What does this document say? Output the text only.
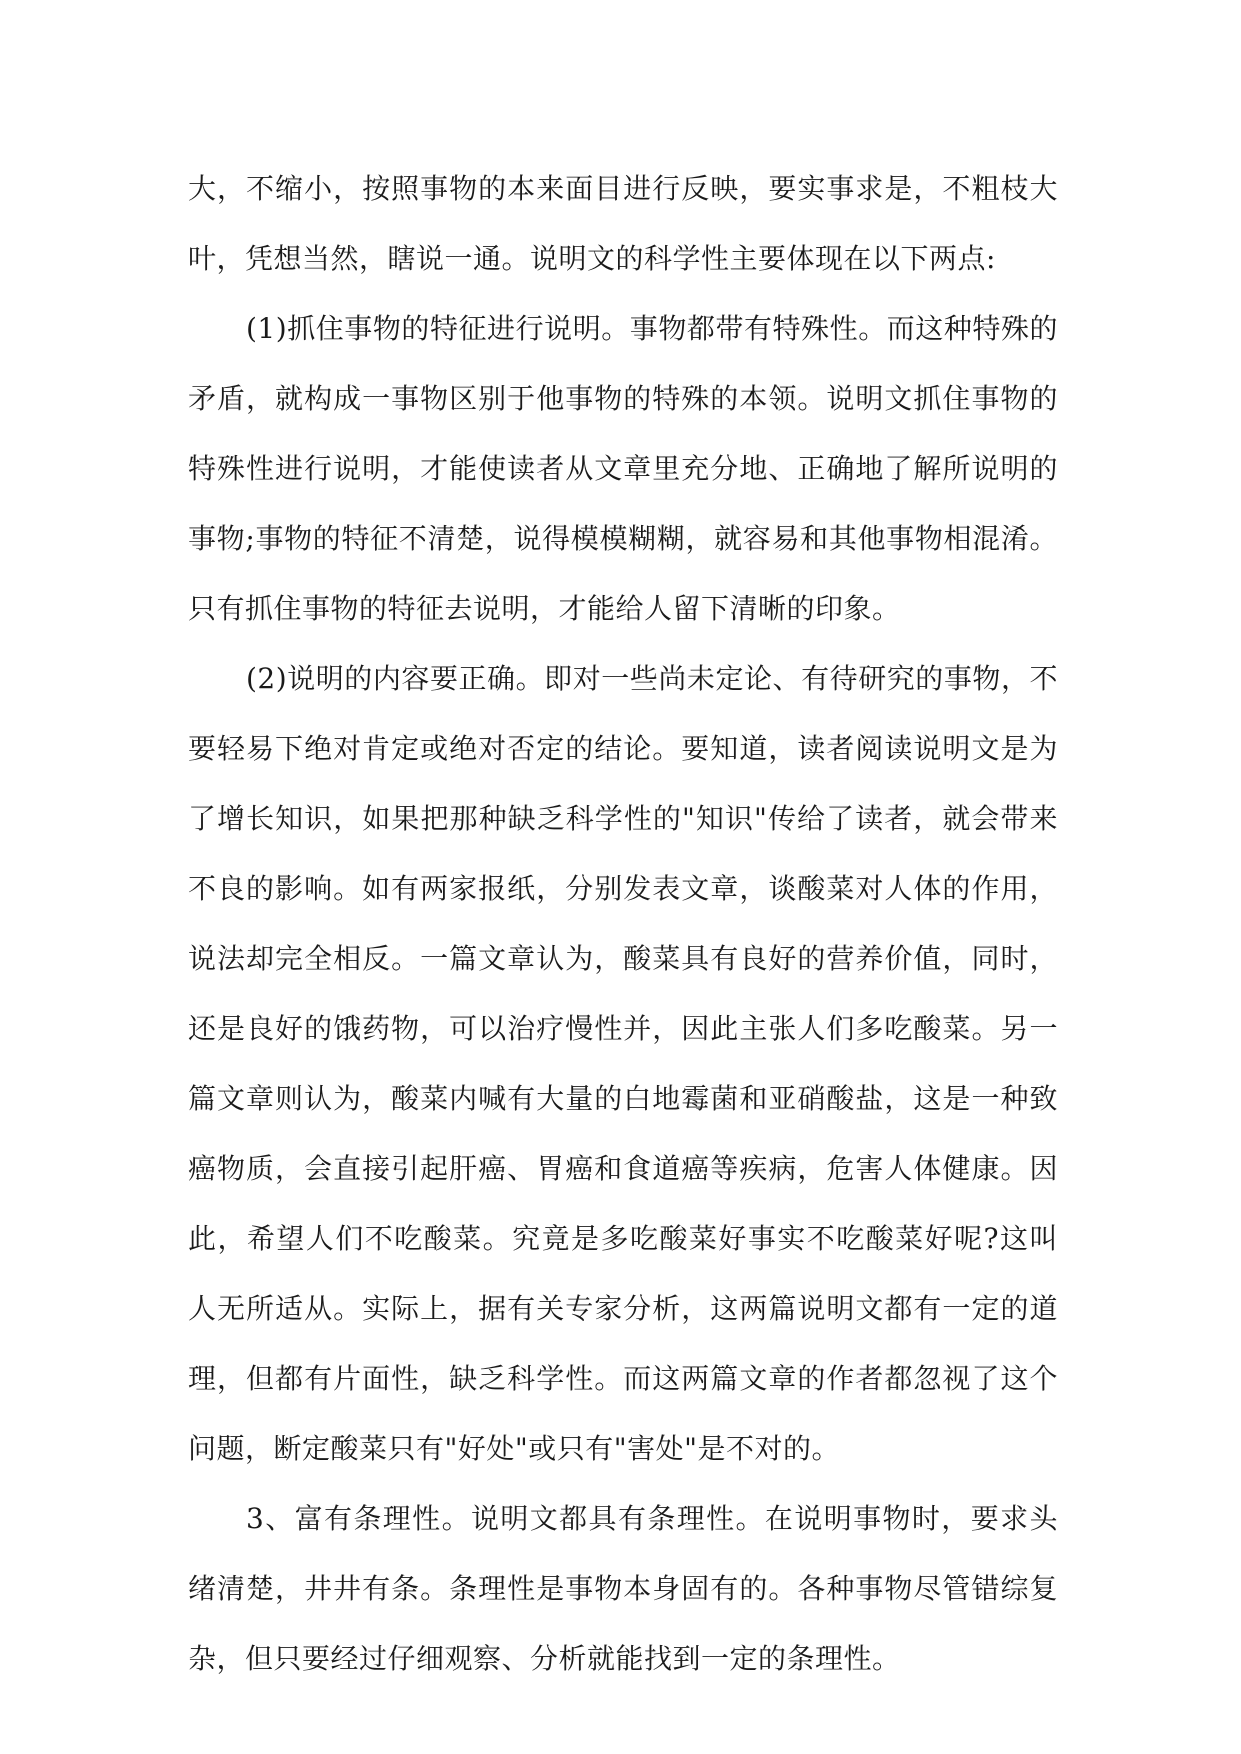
大，不缩小，按照事物的本来面目进行反映，要实事求是，不粗枝大叶，凭想当然，瞎说一通。说明文的科学性主要体现在以下两点:

(1)抓住事物的特征进行说明。事物都带有特殊性。而这种特殊的矛盾，就构成一事物区别于他事物的特殊的本领。说明文抓住事物的特殊性进行说明，才能使读者从文章里充分地、正确地了解所说明的事物;事物的特征不清楚，说得模模糊糊，就容易和其他事物相混淆。只有抓住事物的特征去说明，才能给人留下清晰的印象。

(2)说明的内容要正确。即对一些尚未定论、有待研究的事物，不要轻易下绝对肯定或绝对否定的结论。要知道，读者阅读说明文是为了增长知识，如果把那种缺乏科学性的"知识"传给了读者，就会带来不良的影响。如有两家报纸，分别发表文章，谈酸菜对人体的作用，说法却完全相反。一篇文章认为，酸菜具有良好的营养价值，同时，还是良好的饿药物，可以治疗慢性并，因此主张人们多吃酸菜。另一篇文章则认为，酸菜内喊有大量的白地霉菌和亚硝酸盐，这是一种致癌物质，会直接引起肝癌、胃癌和食道癌等疾病，危害人体健康。因此，希望人们不吃酸菜。究竟是多吃酸菜好事实不吃酸菜好呢?这叫人无所适从。实际上，据有关专家分析，这两篇说明文都有一定的道理，但都有片面性，缺乏科学性。而这两篇文章的作者都忽视了这个问题，断定酸菜只有"好处"或只有"害处"是不对的。

3、富有条理性。说明文都具有条理性。在说明事物时，要求头绪清楚，井井有条。条理性是事物本身固有的。各种事物尽管错综复杂，但只要经过仔细观察、分析就能找到一定的条理性。
